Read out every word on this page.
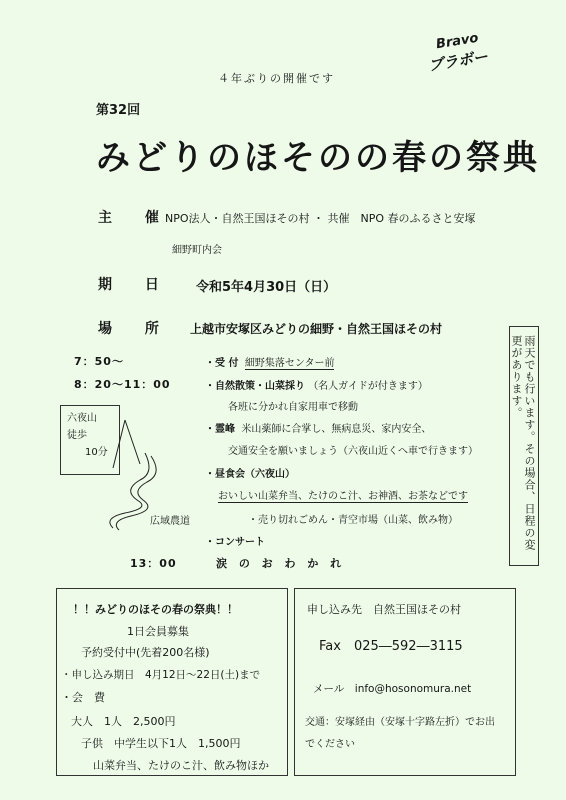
４年ぶりの開催です
Bravo
ブラボー
第32回
みどりのほそのの春の祭典
主 催
NPO法人・自然王国ほその村 ・ 共催　NPO 春のふるさと安塚
細野町内会
期 日 令和5年4月30日（日）
場 所 上越市安塚区みどりの細野・自然王国ほその村
雨天でも行います。その場合、日程の変更があります。
7：50～	・受 付 細野集落センター前
8：20～11：00	・自然散策・山菜採り （名人ガイドが付きます）
各班に分かれ自家用車で移動
・霊峰 米山薬師に合掌し、無病息災、家内安全、
交通安全を願いましょう（六夜山近くへ車で行きます）
・昼食会（六夜山）
おいしい山菜弁当、たけのこ汁、お神酒、お茶などです
・売り切れごめん・青空市場（山菜、飲み物）
・コンサート
13：00	涙 の お わ か れ
六夜山
徒歩
10分
広域農道
！！みどりのほその春の祭典！！
1日会員募集
予約受付中(先着200名様)
・申し込み期日　4月12日～22日(土)まで
・会　費
大人　1人　2,500円
子供　中学生以下1人　1,500円
山菜弁当、たけのこ汁、飲み物ほか
申し込み先　自然王国ほその村
Fax　025―592―3115
メール　info@hosonomura.net
交通：安塚経由（安塚十字路左折）でお出
でください
